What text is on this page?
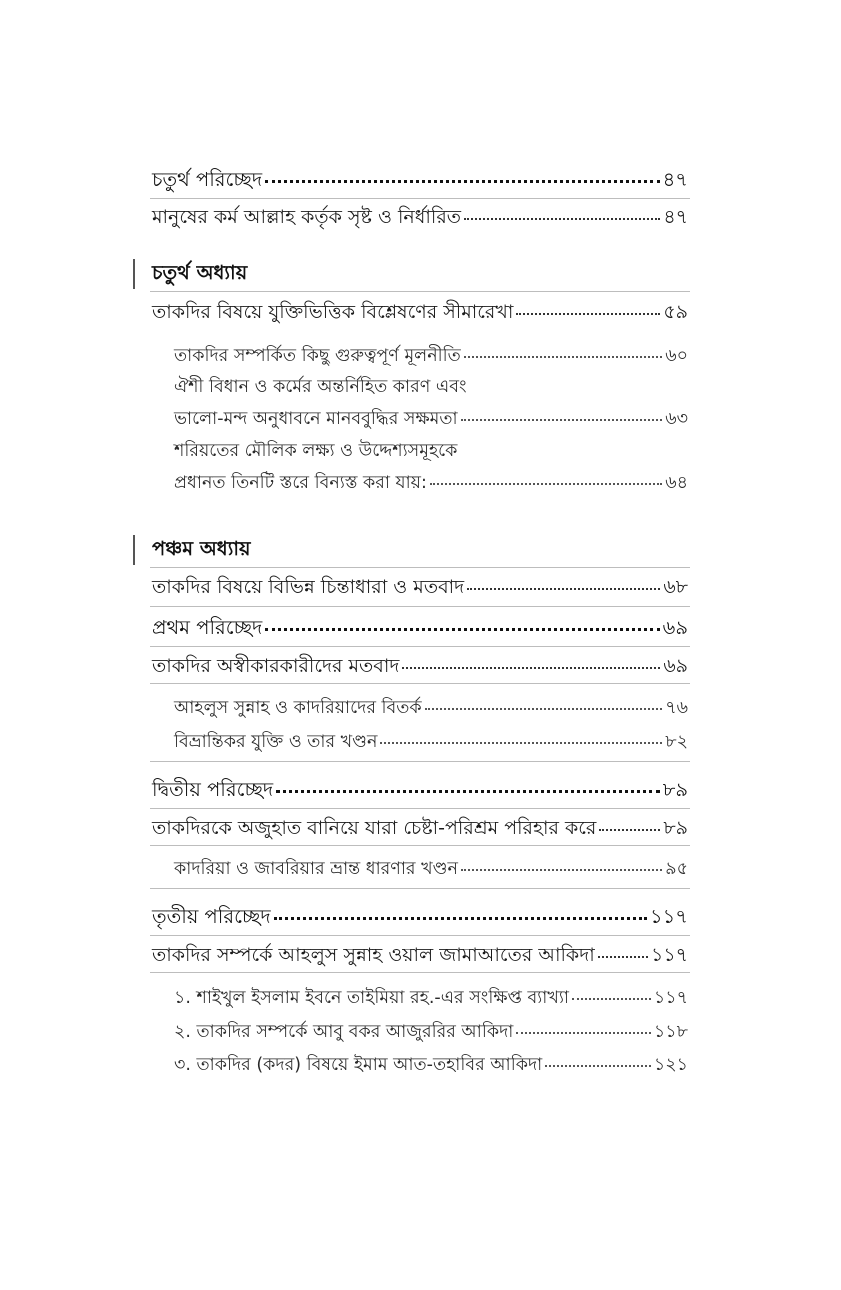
চতুর্থ পরিচ্ছেদ	৪৭
মানুষের কর্ম আল্লাহ কর্তৃক সৃষ্ট ও নির্ধারিত	৪৭
চতুর্থ অধ্যায়
তাকদির বিষয়ে যুক্তিভিত্তিক বিশ্লেষণের সীমারেখা	৫৯
তাকদির সম্পর্কিত কিছু গুরুত্বপূর্ণ মূলনীতি	৬০
ঐশী বিধান ও কর্মের অন্তর্নিহিত কারণ এবং
ভালো-মন্দ অনুধাবনে মানববুদ্ধির সক্ষমতা	৬৩
শরিয়তের মৌলিক লক্ষ্য ও উদ্দেশ্যসমূহকে
প্রধানত তিনটি স্তরে বিন্যস্ত করা যায়:	৬৪
পঞ্চম অধ্যায়
তাকদির বিষয়ে বিভিন্ন চিন্তাধারা ও মতবাদ	৬৮
প্রথম পরিচ্ছেদ	৬৯
তাকদির অস্বীকারকারীদের মতবাদ	৬৯
আহলুস সুন্নাহ ও কাদরিয়াদের বিতর্ক	৭৬
বিভ্রান্তিকর যুক্তি ও তার খণ্ডন	৮২
দ্বিতীয় পরিচ্ছেদ	৮৯
তাকদিরকে অজুহাত বানিয়ে যারা চেষ্টা-পরিশ্রম পরিহার করে	৮৯
কাদরিয়া ও জাবরিয়ার ভ্রান্ত ধারণার খণ্ডন	৯৫
তৃতীয় পরিচ্ছেদ	১১৭
তাকদির সম্পর্কে আহলুস সুন্নাহ ওয়াল জামাআতের আকিদা	১১৭
১. শাইখুল ইসলাম ইবনে তাইমিয়া রহ.-এর সংক্ষিপ্ত ব্যাখ্যা	১১৭
২. তাকদির সম্পর্কে আবু বকর আজুররির আকিদা	১১৮
৩. তাকদির (কদর) বিষয়ে ইমাম আত-তহাবির আকিদা	১২১
